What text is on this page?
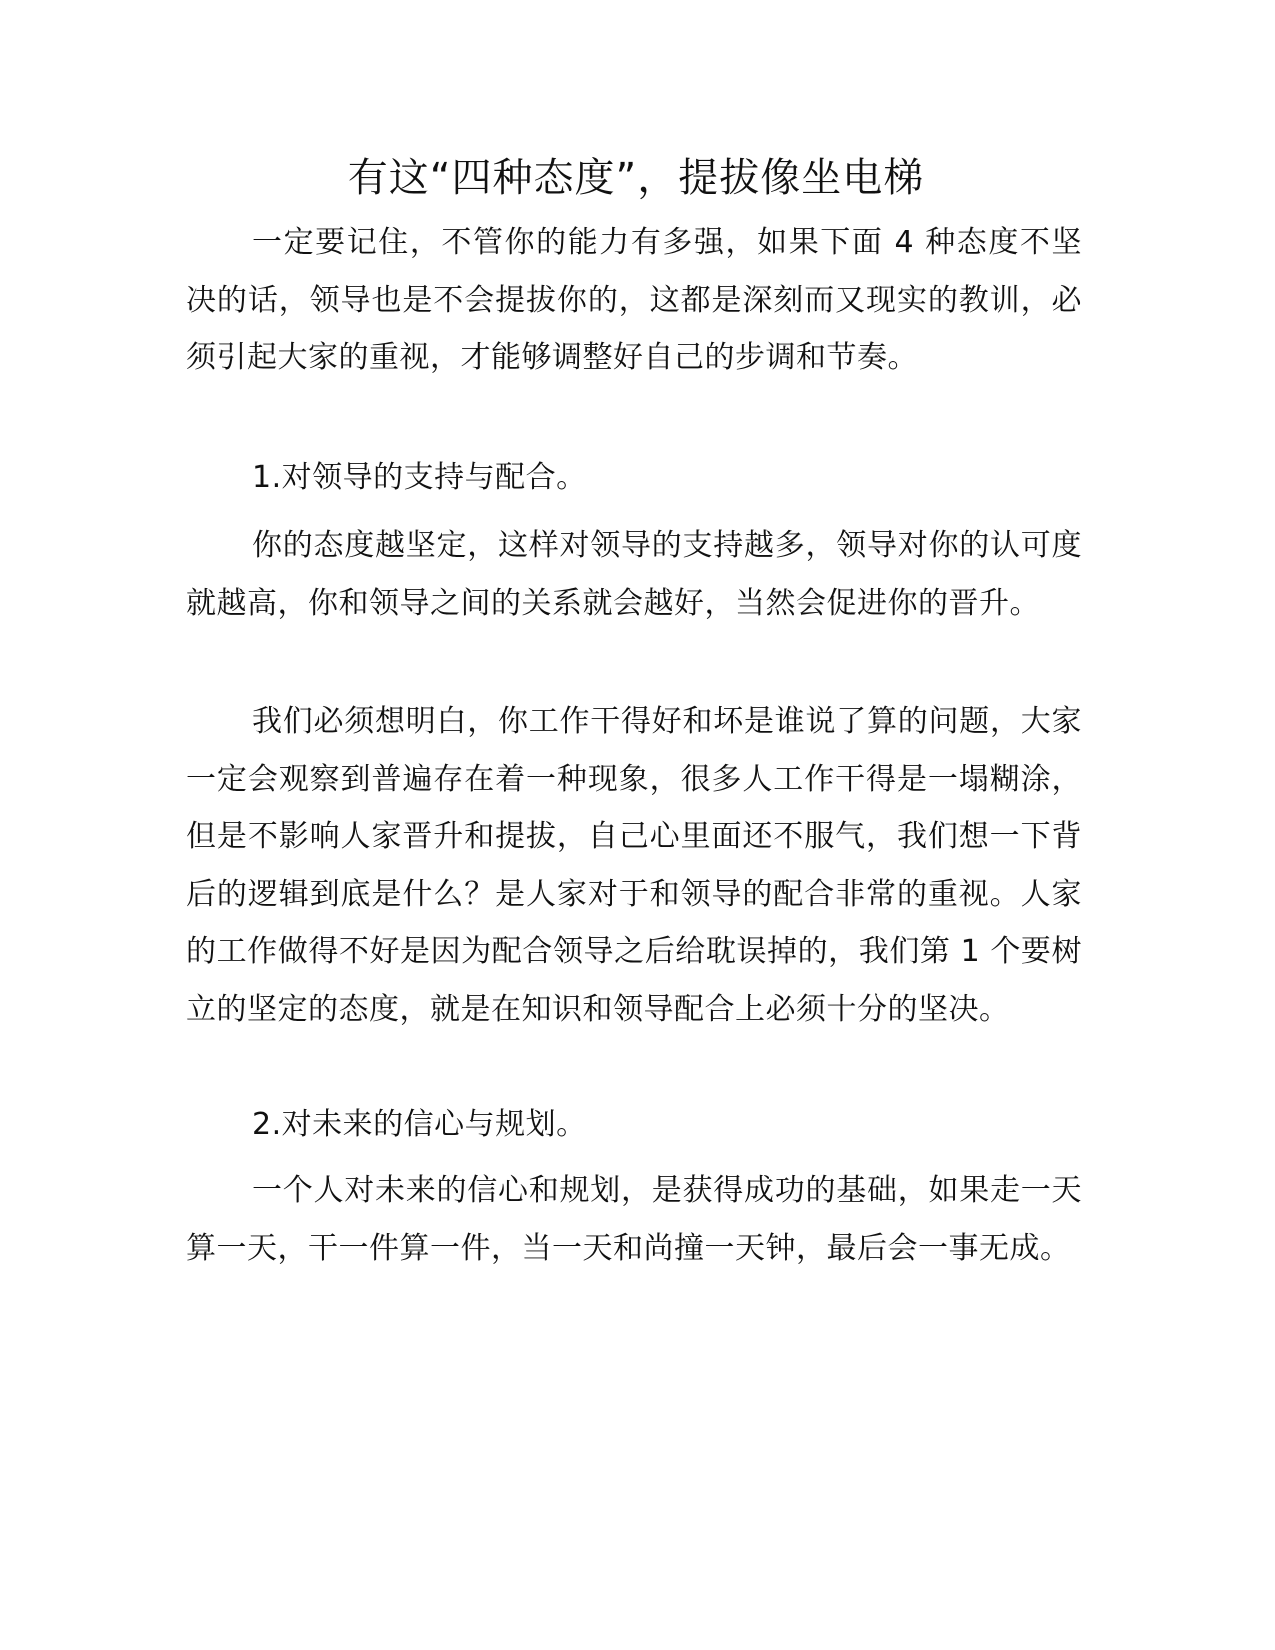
有这“四种态度”，提拔像坐电梯

一定要记住，不管你的能力有多强，如果下面 4 种态度不坚决的话，领导也是不会提拔你的，这都是深刻而又现实的教训，必须引起大家的重视，才能够调整好自己的步调和节奏。

1.对领导的支持与配合。

你的态度越坚定，这样对领导的支持越多，领导对你的认可度就越高，你和领导之间的关系就会越好，当然会促进你的晋升。

我们必须想明白，你工作干得好和坏是谁说了算的问题，大家一定会观察到普遍存在着一种现象，很多人工作干得是一塌糊涂，但是不影响人家晋升和提拔，自己心里面还不服气，我们想一下背后的逻辑到底是什么？是人家对于和领导的配合非常的重视。人家的工作做得不好是因为配合领导之后给耽误掉的，我们第 1 个要树立的坚定的态度，就是在知识和领导配合上必须十分的坚决。

2.对未来的信心与规划。

一个人对未来的信心和规划，是获得成功的基础，如果走一天算一天，干一件算一件，当一天和尚撞一天钟，最后会一事无成。
